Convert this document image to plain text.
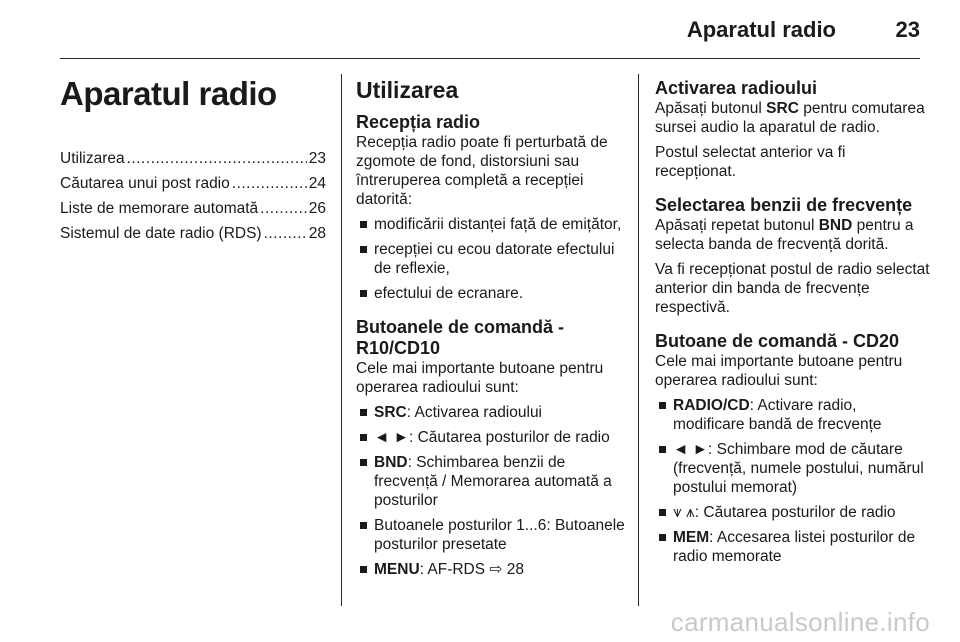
Aparatul radio	23
Aparatul radio
Utilizarea .....	23
Căutarea unui post radio .....	24
Liste de memorare automată .....	26
Sistemul de date radio (RDS) .....	28
Utilizarea
Recepția radio

Recepția radio poate fi perturbată de zgomote de fond, distorsiuni sau întreruperea completă a recepției datorită:

modificării distanței față de emițător,
recepției cu ecou datorate efectului de reflexie,
efectului de ecranare.
Butoanele de comandă -
R10/CD10

Cele mai importante butoane pentru operarea radioului sunt:

SRC: Activarea radioului
◄ ►: Căutarea posturilor de radio
BND: Schimbarea benzii de frecvență / Memorarea automată a posturilor
Butoanele posturilor 1...6: Butoanele posturilor presetate
MENU: AF-RDS ⇨ 28
Activarea radioului

Apăsați butonul SRC pentru comutarea sursei audio la aparatul de radio.

Postul selectat anterior va fi recepționat.

Selectarea benzii de frecvențe

Apăsați repetat butonul BND pentru a selecta banda de frecvență dorită.

Va fi recepționat postul de radio selectat anterior din banda de frecvențe respectivă.

Butoane de comandă - CD20

Cele mai importante butoane pentru operarea radioului sunt:

RADIO/CD: Activare radio, modificare bandă de frecvențe
◄ ►: Schimbare mod de căutare (frecvență, numele postului, numărul postului memorat)
⩛ ⩚: Căutarea posturilor de radio
MEM: Accesarea listei posturilor de radio memorate
carmanualsonline.info
